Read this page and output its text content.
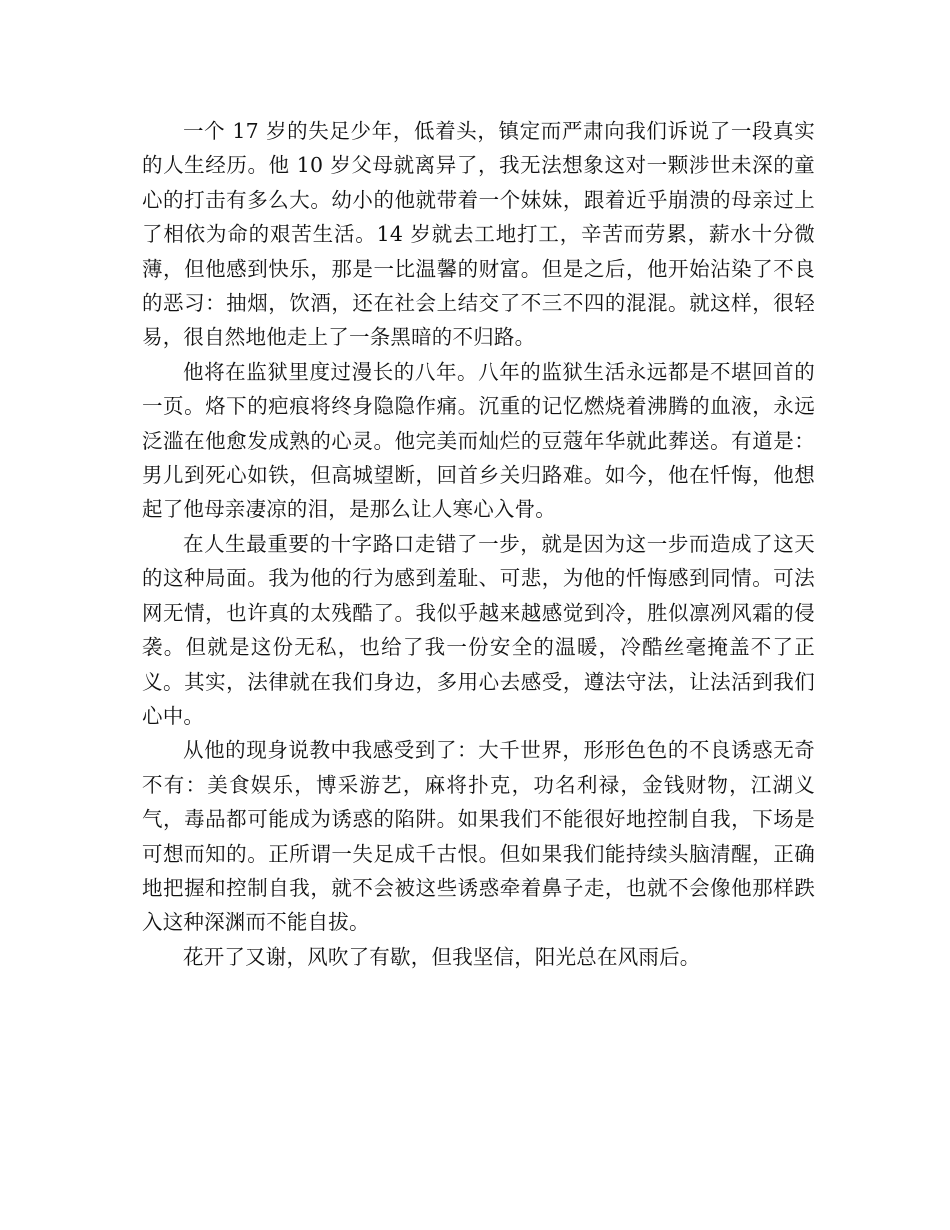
一个 17 岁的失足少年，低着头，镇定而严肃向我们诉说了一段真实的人生经历。他 10 岁父母就离异了，我无法想象这对一颗涉世未深的童心的打击有多么大。幼小的他就带着一个妹妹，跟着近乎崩溃的母亲过上了相依为命的艰苦生活。14 岁就去工地打工，辛苦而劳累，薪水十分微薄，但他感到快乐，那是一比温馨的财富。但是之后，他开始沾染了不良的恶习：抽烟，饮酒，还在社会上结交了不三不四的混混。就这样，很轻易，很自然地他走上了一条黑暗的不归路。

他将在监狱里度过漫长的八年。八年的监狱生活永远都是不堪回首的一页。烙下的疤痕将终身隐隐作痛。沉重的记忆燃烧着沸腾的血液，永远泛滥在他愈发成熟的心灵。他完美而灿烂的豆蔻年华就此葬送。有道是：男儿到死心如铁，但高城望断，回首乡关归路难。如今，他在忏悔，他想起了他母亲凄凉的泪，是那么让人寒心入骨。

在人生最重要的十字路口走错了一步，就是因为这一步而造成了这天的这种局面。我为他的行为感到羞耻、可悲，为他的忏悔感到同情。可法网无情，也许真的太残酷了。我似乎越来越感觉到冷，胜似凛冽风霜的侵袭。但就是这份无私，也给了我一份安全的温暖，冷酷丝毫掩盖不了正义。其实，法律就在我们身边，多用心去感受，遵法守法，让法活到我们心中。

从他的现身说教中我感受到了：大千世界，形形色色的不良诱惑无奇不有：美食娱乐，博采游艺，麻将扑克，功名利禄，金钱财物，江湖义气，毒品都可能成为诱惑的陷阱。如果我们不能很好地控制自我，下场是可想而知的。正所谓一失足成千古恨。但如果我们能持续头脑清醒，正确地把握和控制自我，就不会被这些诱惑牵着鼻子走，也就不会像他那样跌入这种深渊而不能自拔。

花开了又谢，风吹了有歇，但我坚信，阳光总在风雨后。
